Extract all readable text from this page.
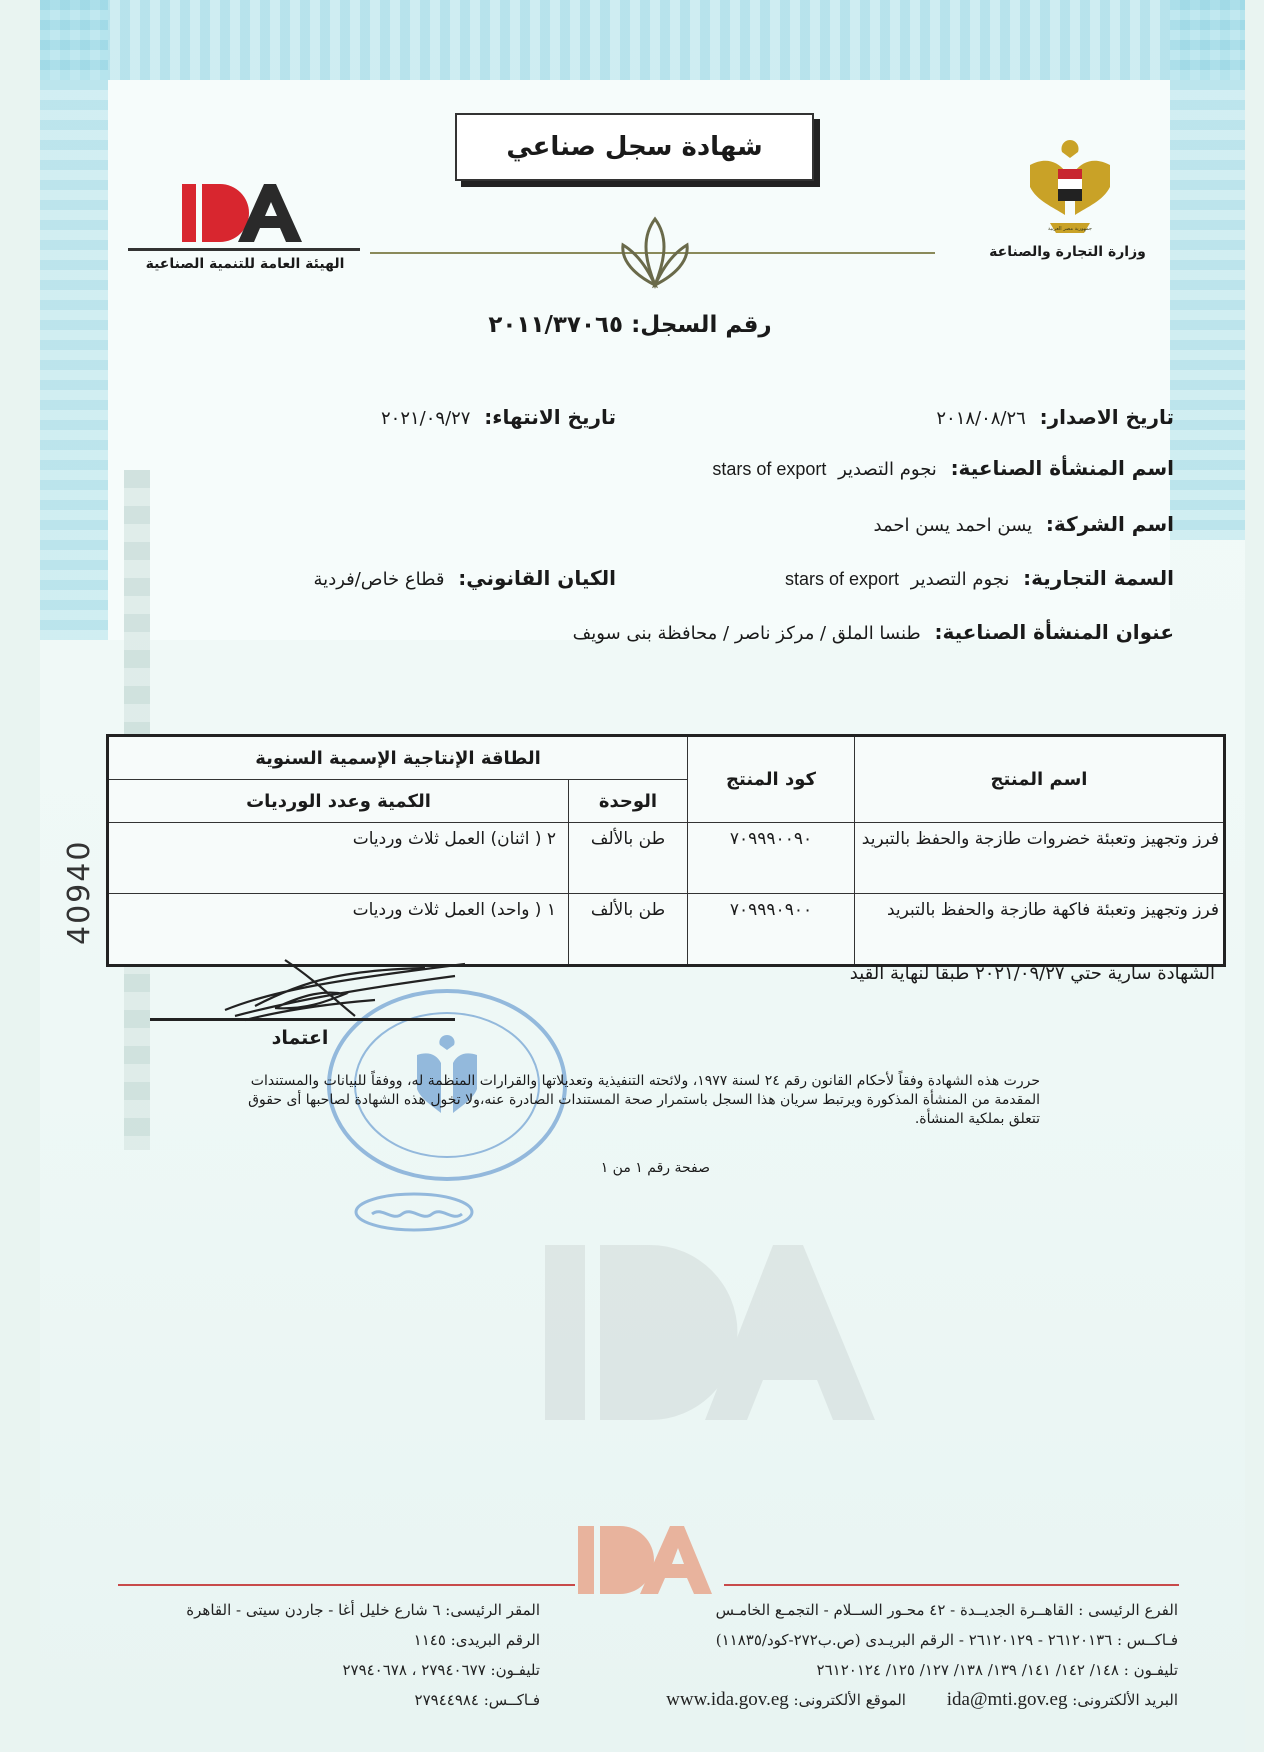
40940
شهادة سجل صناعي
IDA
الهيئة العامة للتنمية الصناعية
جمهورية مصر العربية
وزارة التجارة والصناعة
رقم السجل: ٢٠١١/٣٧٠٦٥
تاريخ الاصدار: ٢٠١٨/٠٨/٢٦
تاريخ الانتهاء: ٢٠٢١/٠٩/٢٧
اسم المنشأة الصناعية: نجوم التصدير stars of export
اسم الشركة: يسن احمد يسن احمد
السمة التجارية: نجوم التصدير stars of export
الكيان القانوني: قطاع خاص/فردية
عنوان المنشأة الصناعية: طنسا الملق / مركز ناصر / محافظة بنى سويف
اسم المنتج	كود المنتج	الطاقة الإنتاجية الإسمية السنوية	
		الوحدة	الكمية وعدد الورديات
فرز وتجهيز وتعبئة خضروات طازجة والحفظ بالتبريد	٧٠٩٩٩٠٠٩٠	طن بالألف	٢ ( اثنان) العمل ثلاث ورديات
فرز وتجهيز وتعبئة فاكهة طازجة والحفظ بالتبريد	٧٠٩٩٩٠٩٠٠	طن بالألف	١ ( واحد) العمل ثلاث ورديات
الشهادة سارية حتي ٢٠٢١/٠٩/٢٧ طبقا لنهاية القيد
اعتماد
حررت هذه الشهادة وفقاً لأحكام القانون رقم ٢٤ لسنة ١٩٧٧، ولائحته التنفيذية وتعديلاتها والقرارات المنظمة له، ووفقاً للبيانات والمستندات المقدمة من المنشأة المذكورة ويرتبط سريان هذا السجل باستمرار صحة المستندات الصادرة عنه،ولا تخول هذه الشهادة لصاحبها أى حقوق تتعلق بملكية المنشأة.
صفحة رقم ١ من ١
الفرع الرئيسى : القاهــرة الجديــدة - ٤٢ محـور الســلام - التجمـع الخامـس
فـاكــس : ٢٦١٢٠١٣٦ - ٢٦١٢٠١٢٩ - الرقم البريـدى (ص.ب٢٧٢-كود/١١٨٣٥)
تليفـون : ١٤٨/ ١٤٢/ ١٤١/ ١٣٩/ ١٣٨/ ١٢٧/ ١٢٥/ ٢٦١٢٠١٢٤
البريد الألكترونى: ida@mti.gov.eg الموقع الألكترونى: www.ida.gov.eg
المقر الرئيسى: ٦ شارع خليل أغا - جاردن سيتى - القاهرة
الرقم البريدى: ١١٤٥
تليفـون: ٢٧٩٤٠٦٧٧ ، ٢٧٩٤٠٦٧٨
فـاكــس: ٢٧٩٤٤٩٨٤
